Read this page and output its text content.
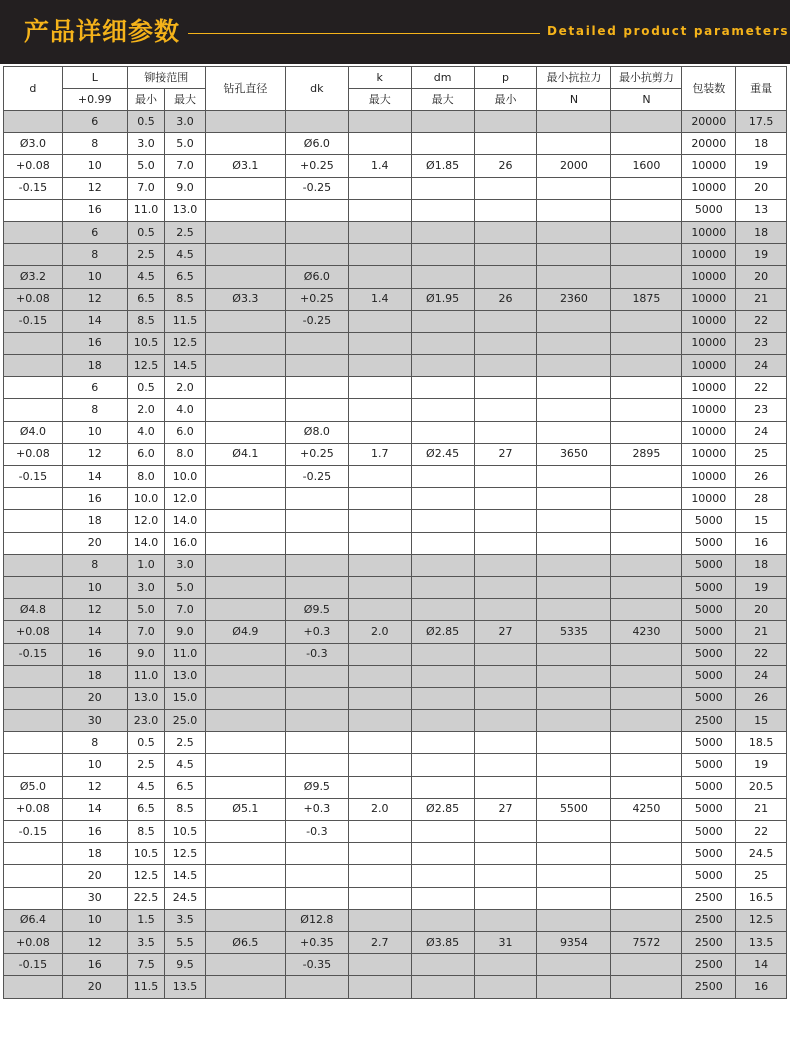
产品详细参数	Detailed product parameters
d	L	铆接范围		钻孔直径	dk	k	dm	p	最小抗拉力	最小抗剪力	包装数	重量
	+0.99	最小	最大			最大	最大	最小	N	N		
	6	0.5	3.0								20000	17.5
Ø3.0	8	3.0	5.0		Ø6.0						20000	18
+0.08	10	5.0	7.0	Ø3.1	+0.25	1.4	Ø1.85	26	2000	1600	10000	19
-0.15	12	7.0	9.0		-0.25						10000	20
	16	11.0	13.0								5000	13
	6	0.5	2.5								10000	18
	8	2.5	4.5								10000	19
Ø3.2	10	4.5	6.5		Ø6.0						10000	20
+0.08	12	6.5	8.5	Ø3.3	+0.25	1.4	Ø1.95	26	2360	1875	10000	21
-0.15	14	8.5	11.5		-0.25						10000	22
	16	10.5	12.5								10000	23
	18	12.5	14.5								10000	24
	6	0.5	2.0								10000	22
	8	2.0	4.0								10000	23
Ø4.0	10	4.0	6.0		Ø8.0						10000	24
+0.08	12	6.0	8.0	Ø4.1	+0.25	1.7	Ø2.45	27	3650	2895	10000	25
-0.15	14	8.0	10.0		-0.25						10000	26
	16	10.0	12.0								10000	28
	18	12.0	14.0								5000	15
	20	14.0	16.0								5000	16
	8	1.0	3.0								5000	18
	10	3.0	5.0								5000	19
Ø4.8	12	5.0	7.0		Ø9.5						5000	20
+0.08	14	7.0	9.0	Ø4.9	+0.3	2.0	Ø2.85	27	5335	4230	5000	21
-0.15	16	9.0	11.0		-0.3						5000	22
	18	11.0	13.0								5000	24
	20	13.0	15.0								5000	26
	30	23.0	25.0								2500	15
	8	0.5	2.5								5000	18.5
	10	2.5	4.5								5000	19
Ø5.0	12	4.5	6.5		Ø9.5						5000	20.5
+0.08	14	6.5	8.5	Ø5.1	+0.3	2.0	Ø2.85	27	5500	4250	5000	21
-0.15	16	8.5	10.5		-0.3						5000	22
	18	10.5	12.5								5000	24.5
	20	12.5	14.5								5000	25
	30	22.5	24.5								2500	16.5
Ø6.4	10	1.5	3.5		Ø12.8						2500	12.5
+0.08	12	3.5	5.5	Ø6.5	+0.35	2.7	Ø3.85	31	9354	7572	2500	13.5
-0.15	16	7.5	9.5		-0.35						2500	14
	20	11.5	13.5								2500	16
